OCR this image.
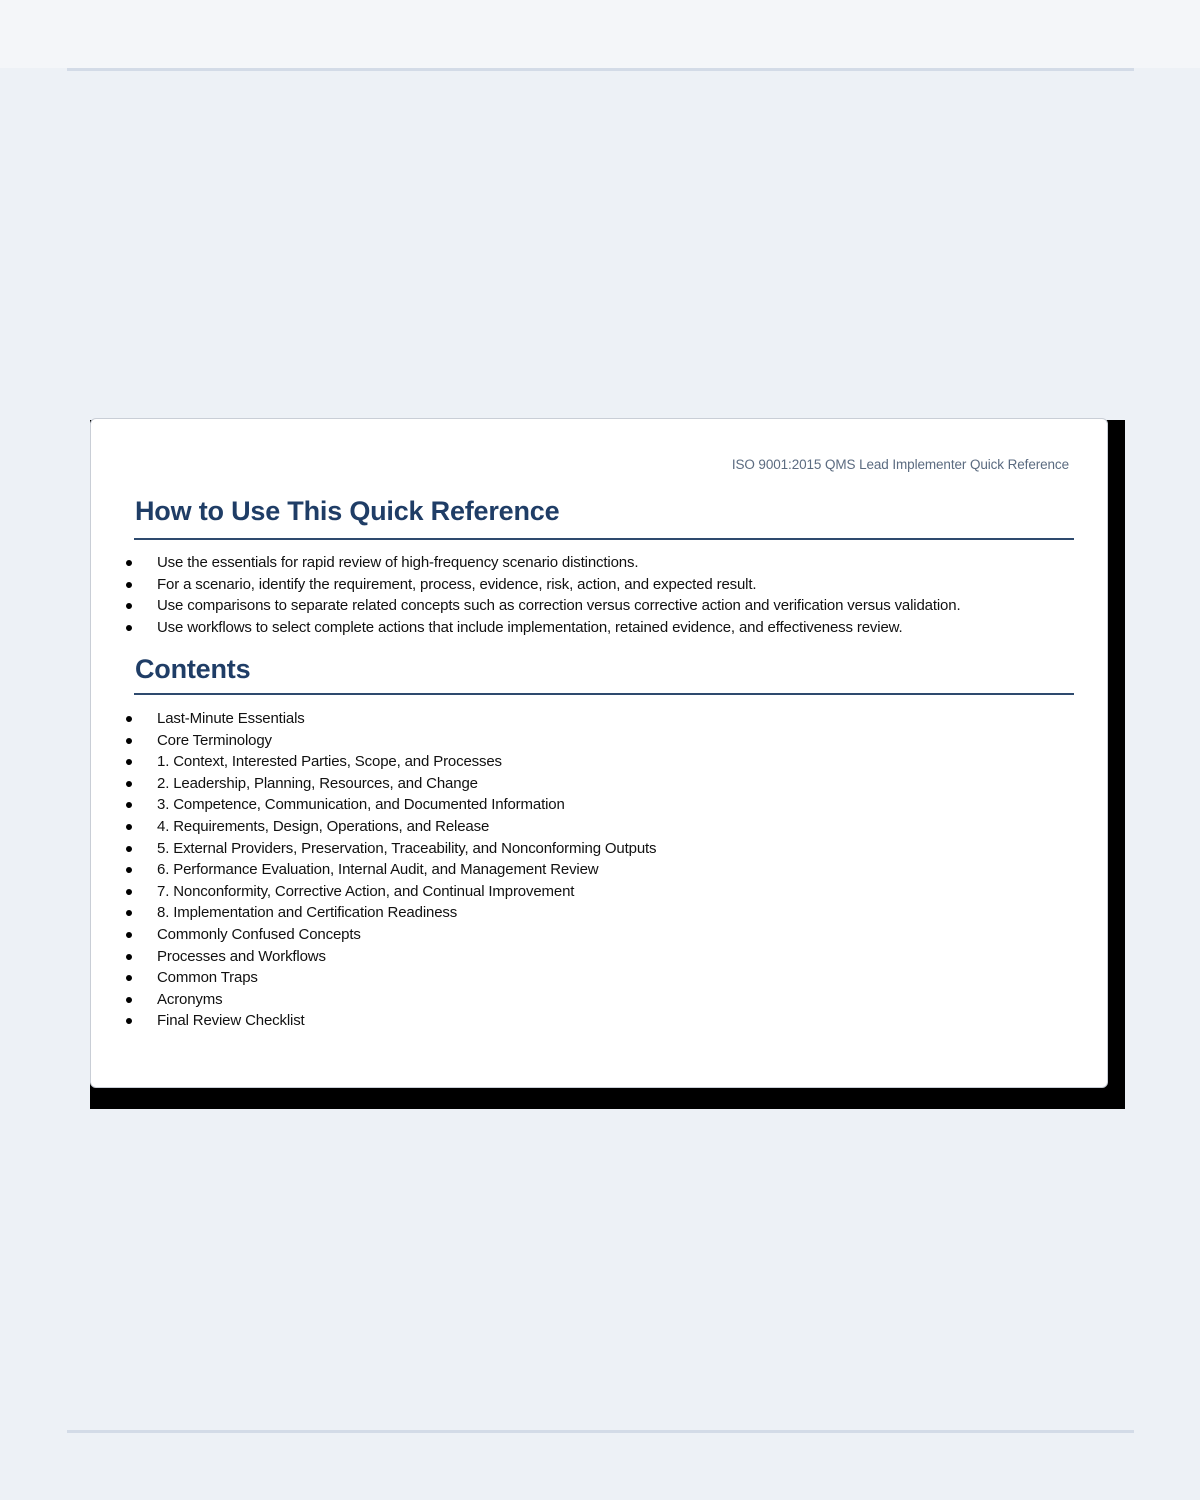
ISO 9001:2015 QMS Lead Implementer Quick Reference
How to Use This Quick Reference
Use the essentials for rapid review of high-frequency scenario distinctions.
For a scenario, identify the requirement, process, evidence, risk, action, and expected result.
Use comparisons to separate related concepts such as correction versus corrective action and verification versus validation.
Use workflows to select complete actions that include implementation, retained evidence, and effectiveness review.
Contents
Last-Minute Essentials
Core Terminology
1. Context, Interested Parties, Scope, and Processes
2. Leadership, Planning, Resources, and Change
3. Competence, Communication, and Documented Information
4. Requirements, Design, Operations, and Release
5. External Providers, Preservation, Traceability, and Nonconforming Outputs
6. Performance Evaluation, Internal Audit, and Management Review
7. Nonconformity, Corrective Action, and Continual Improvement
8. Implementation and Certification Readiness
Commonly Confused Concepts
Processes and Workflows
Common Traps
Acronyms
Final Review Checklist
